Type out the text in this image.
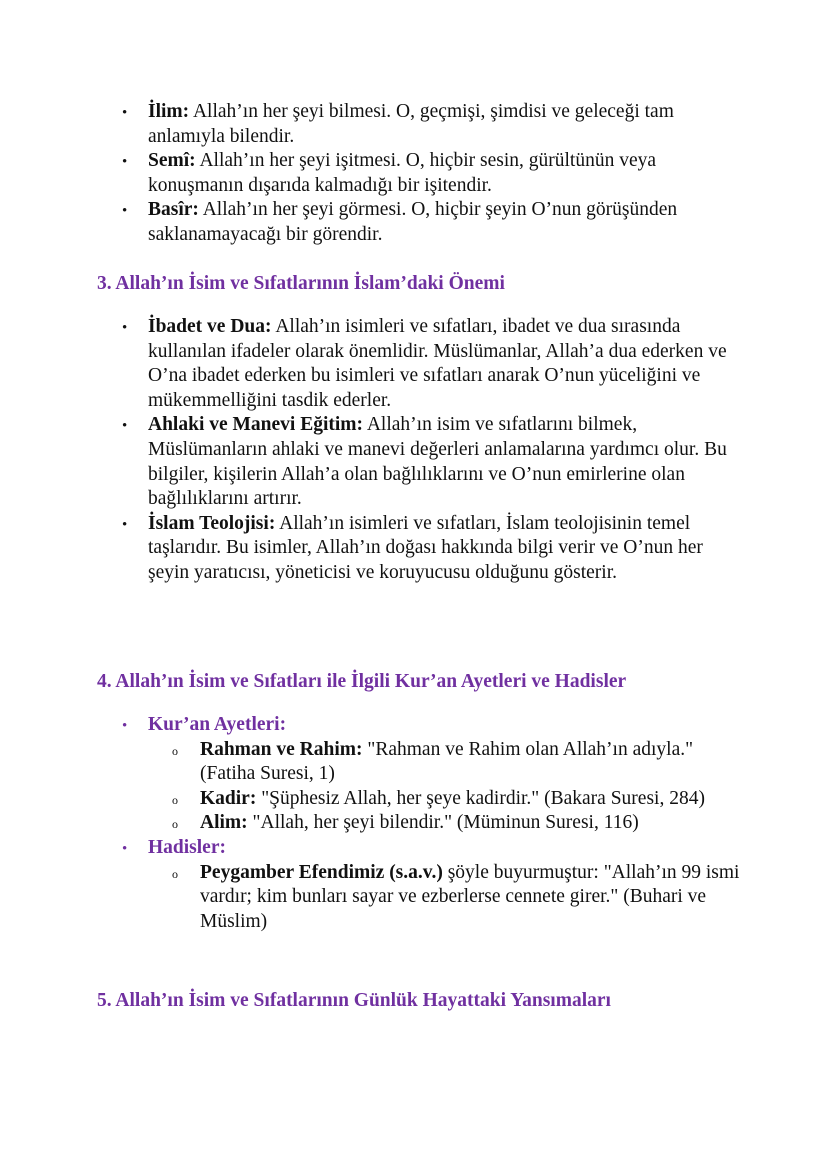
• İlim: Allah’ın her şeyi bilmesi. O, geçmişi, şimdisi ve geleceği tam anlamıyla bilendir.
• Semî: Allah’ın her şeyi işitmesi. O, hiçbir sesin, gürültünün veya konuşmanın dışarıda kalmadığı bir işitendir.
• Basîr: Allah’ın her şeyi görmesi. O, hiçbir şeyin O’nun görüşünden saklanamayacağı bir görendir.
3. Allah’ın İsim ve Sıfatlarının İslam’daki Önemi
• İbadet ve Dua: Allah’ın isimleri ve sıfatları, ibadet ve dua sırasında kullanılan ifadeler olarak önemlidir. Müslümanlar, Allah’a dua ederken ve O’na ibadet ederken bu isimleri ve sıfatları anarak O’nun yüceliğini ve mükemmelliğini tasdik ederler.
• Ahlaki ve Manevi Eğitim: Allah’ın isim ve sıfatlarını bilmek, Müslümanların ahlaki ve manevi değerleri anlamalarına yardımcı olur. Bu bilgiler, kişilerin Allah’a olan bağlılıklarını ve O’nun emirlerine olan bağlılıklarını artırır.
• İslam Teolojisi: Allah’ın isimleri ve sıfatları, İslam teolojisinin temel taşlarıdır. Bu isimler, Allah’ın doğası hakkında bilgi verir ve O’nun her şeyin yaratıcısı, yöneticisi ve koruyucusu olduğunu gösterir.
4. Allah’ın İsim ve Sıfatları ile İlgili Kur’an Ayetleri ve Hadisler
• Kur’an Ayetleri:
o Rahman ve Rahim: "Rahman ve Rahim olan Allah’ın adıyla." (Fatiha Suresi, 1)
o Kadir: "Şüphesiz Allah, her şeye kadirdir." (Bakara Suresi, 284)
o Alim: "Allah, her şeyi bilendir." (Müminun Suresi, 116)
• Hadisler:
o Peygamber Efendimiz (s.a.v.) şöyle buyurmuştur: "Allah’ın 99 ismi vardır; kim bunları sayar ve ezberlerse cennete girer." (Buhari ve Müslim)
5. Allah’ın İsim ve Sıfatlarının Günlük Hayattaki Yansımaları
